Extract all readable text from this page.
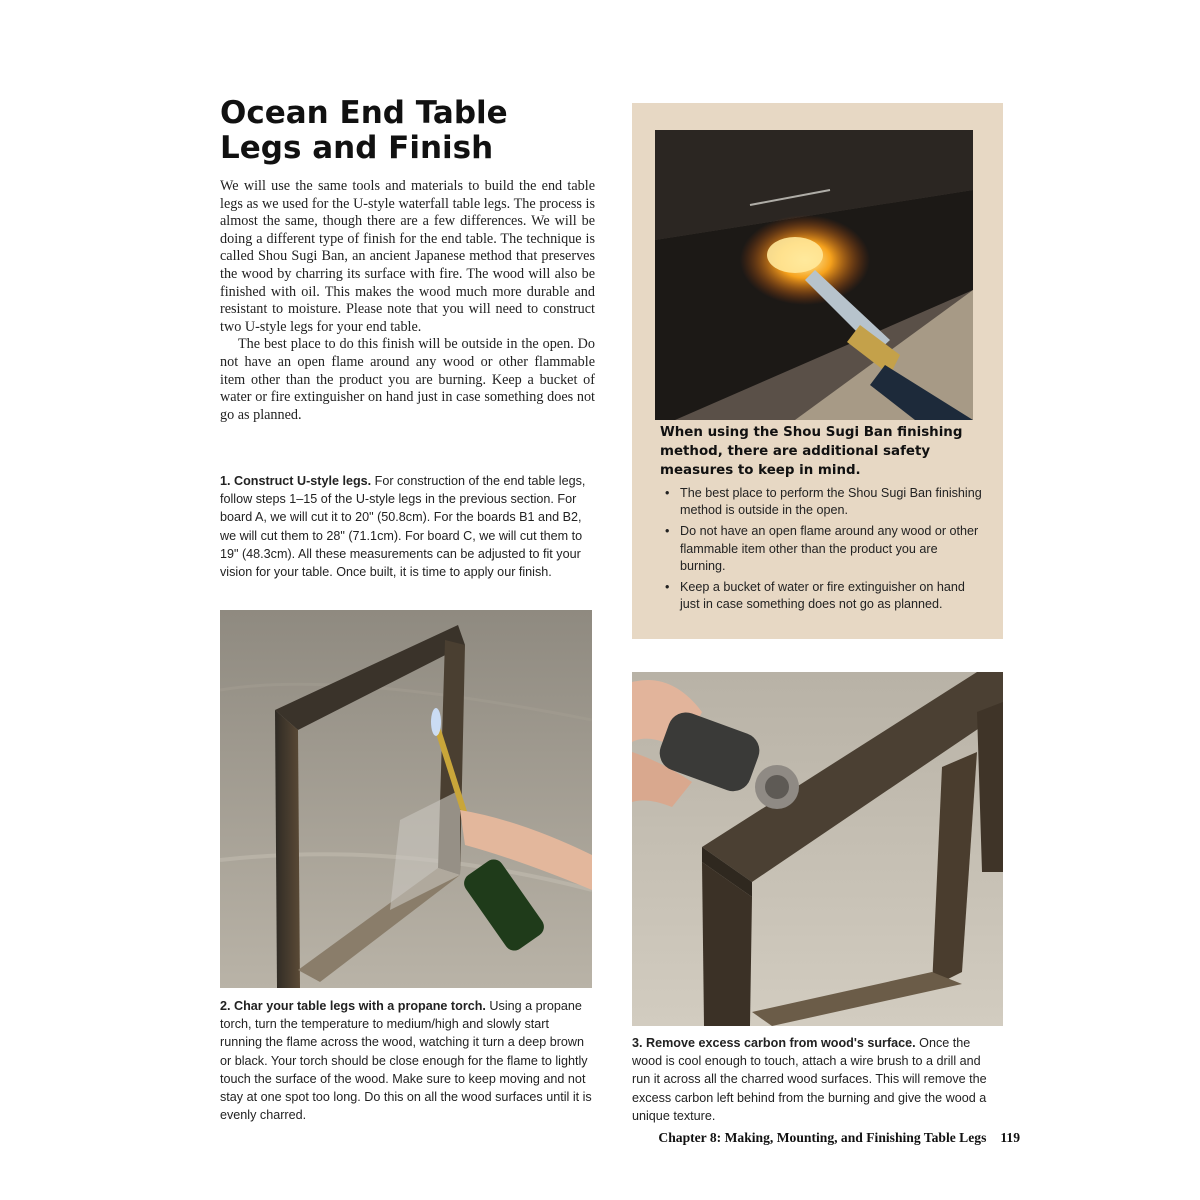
Ocean End Table
Legs and Finish

We will use the same tools and materials to build the end table legs as we used for the U-style waterfall table legs. The process is almost the same, though there are a few differences. We will be doing a different type of finish for the end table. The technique is called Shou Sugi Ban, an ancient Japanese method that preserves the wood by charring its surface with fire. The wood will also be finished with oil. This makes the wood much more durable and resistant to moisture. Please note that you will need to construct two U-style legs for your end table.

The best place to do this finish will be outside in the open. Do not have an open flame around any wood or other flammable item other than the product you are burning. Keep a bucket of water or fire extinguisher on hand just in case something does not go as planned.

1. Construct U-style legs. For construction of the end table legs, follow steps 1–15 of the U-style legs in the previous section. For board A, we will cut it to 20" (50.8cm). For the boards B1 and B2, we will cut them to 28" (71.1cm). For board C, we will cut them to 19" (48.3cm). All these measurements can be adjusted to fit your vision for your table. Once built, it is time to apply our finish.
2. Char your table legs with a propane torch. Using a propane torch, turn the temperature to medium/high and slowly start running the flame across the wood, watching it turn a deep brown or black. Your torch should be close enough for the flame to lightly touch the surface of the wood. Make sure to keep moving and not stay at one spot too long. Do this on all the wood surfaces until it is evenly charred.
When using the Shou Sugi Ban finishing method, there are additional safety measures to keep in mind.
• The best place to perform the Shou Sugi Ban finishing method is outside in the open.
• Do not have an open flame around any wood or other flammable item other than the product you are burning.
• Keep a bucket of water or fire extinguisher on hand just in case something does not go as planned.
3. Remove excess carbon from wood's surface. Once the wood is cool enough to touch, attach a wire brush to a drill and run it across all the charred wood surfaces. This will remove the excess carbon left behind from the burning and give the wood a unique texture.
Chapter 8: Making, Mounting, and Finishing Table Legs 119
